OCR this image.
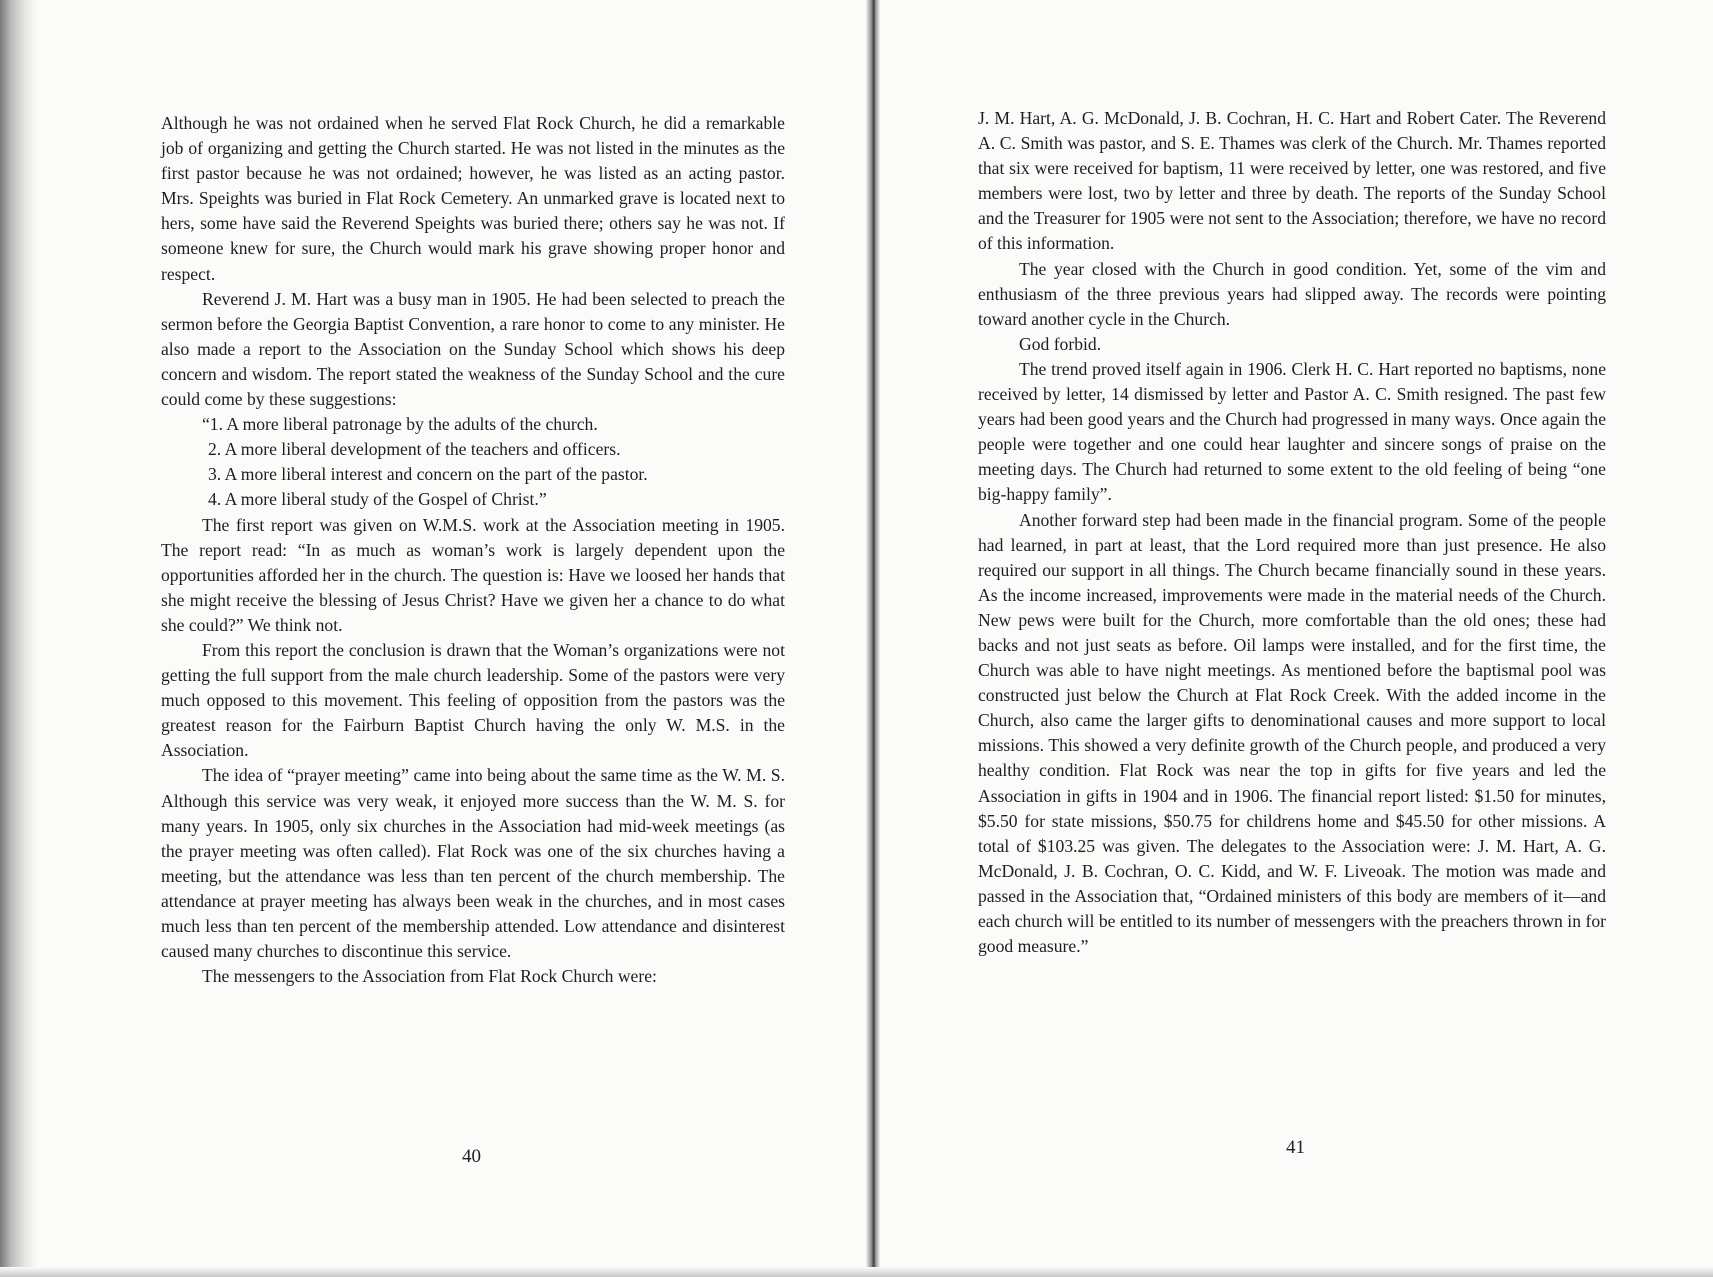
Although he was not ordained when he served Flat Rock Church, he did a remarkable job of organizing and getting the Church started. He was not listed in the minutes as the first pastor because he was not ordained; however, he was listed as an acting pastor. Mrs. Speights was buried in Flat Rock Cemetery. An unmarked grave is located next to hers, some have said the Reverend Speights was buried there; others say he was not. If someone knew for sure, the Church would mark his grave showing proper honor and respect.

Reverend J. M. Hart was a busy man in 1905. He had been selected to preach the sermon before the Georgia Baptist Convention, a rare honor to come to any minister. He also made a report to the Association on the Sunday School which shows his deep concern and wisdom. The report stated the weakness of the Sunday School and the cure could come by these suggestions:

“1. A more liberal patronage by the adults of the church.
2. A more liberal development of the teachers and officers.
3. A more liberal interest and concern on the part of the pastor.
4. A more liberal study of the Gospel of Christ.”

The first report was given on W.M.S. work at the Association meeting in 1905. The report read: “In as much as woman’s work is largely dependent upon the opportunities afforded her in the church. The question is: Have we loosed her hands that she might receive the blessing of Jesus Christ? Have we given her a chance to do what she could?” We think not.

From this report the conclusion is drawn that the Woman’s organizations were not getting the full support from the male church leadership. Some of the pastors were very much opposed to this movement. This feeling of opposition from the pastors was the greatest reason for the Fairburn Baptist Church having the only W. M.S. in the Association.

The idea of “prayer meeting” came into being about the same time as the W. M. S. Although this service was very weak, it enjoyed more success than the W. M. S. for many years. In 1905, only six churches in the Association had mid-week meetings (as the prayer meeting was often called). Flat Rock was one of the six churches having a meeting, but the attendance was less than ten percent of the church membership. The attendance at prayer meeting has always been weak in the churches, and in most cases much less than ten percent of the membership attended. Low attendance and disinterest caused many churches to discontinue this service.

The messengers to the Association from Flat Rock Church were:

40

J. M. Hart, A. G. McDonald, J. B. Cochran, H. C. Hart and Robert Cater. The Reverend A. C. Smith was pastor, and S. E. Thames was clerk of the Church. Mr. Thames reported that six were received for baptism, 11 were received by letter, one was restored, and five members were lost, two by letter and three by death. The reports of the Sunday School and the Treasurer for 1905 were not sent to the Association; therefore, we have no record of this information.

The year closed with the Church in good condition. Yet, some of the vim and enthusiasm of the three previous years had slipped away. The records were pointing toward another cycle in the Church.

God forbid.

The trend proved itself again in 1906. Clerk H. C. Hart reported no baptisms, none received by letter, 14 dismissed by letter and Pastor A. C. Smith resigned. The past few years had been good years and the Church had progressed in many ways. Once again the people were together and one could hear laughter and sincere songs of praise on the meeting days. The Church had returned to some extent to the old feeling of being “one big-happy family”.

Another forward step had been made in the financial program. Some of the people had learned, in part at least, that the Lord required more than just presence. He also required our support in all things. The Church became financially sound in these years. As the income increased, improvements were made in the material needs of the Church. New pews were built for the Church, more comfortable than the old ones; these had backs and not just seats as before. Oil lamps were installed, and for the first time, the Church was able to have night meetings. As mentioned before the baptismal pool was constructed just below the Church at Flat Rock Creek. With the added income in the Church, also came the larger gifts to denominational causes and more support to local missions. This showed a very definite growth of the Church people, and produced a very healthy condition. Flat Rock was near the top in gifts for five years and led the Association in gifts in 1904 and in 1906. The financial report listed: $1.50 for minutes, $5.50 for state missions, $50.75 for childrens home and $45.50 for other missions. A total of $103.25 was given. The delegates to the Association were: J. M. Hart, A. G. McDonald, J. B. Cochran, O. C. Kidd, and W. F. Liveoak. The motion was made and passed in the Association that, “Ordained ministers of this body are members of it—and each church will be entitled to its number of messengers with the preachers thrown in for good measure.”

41
